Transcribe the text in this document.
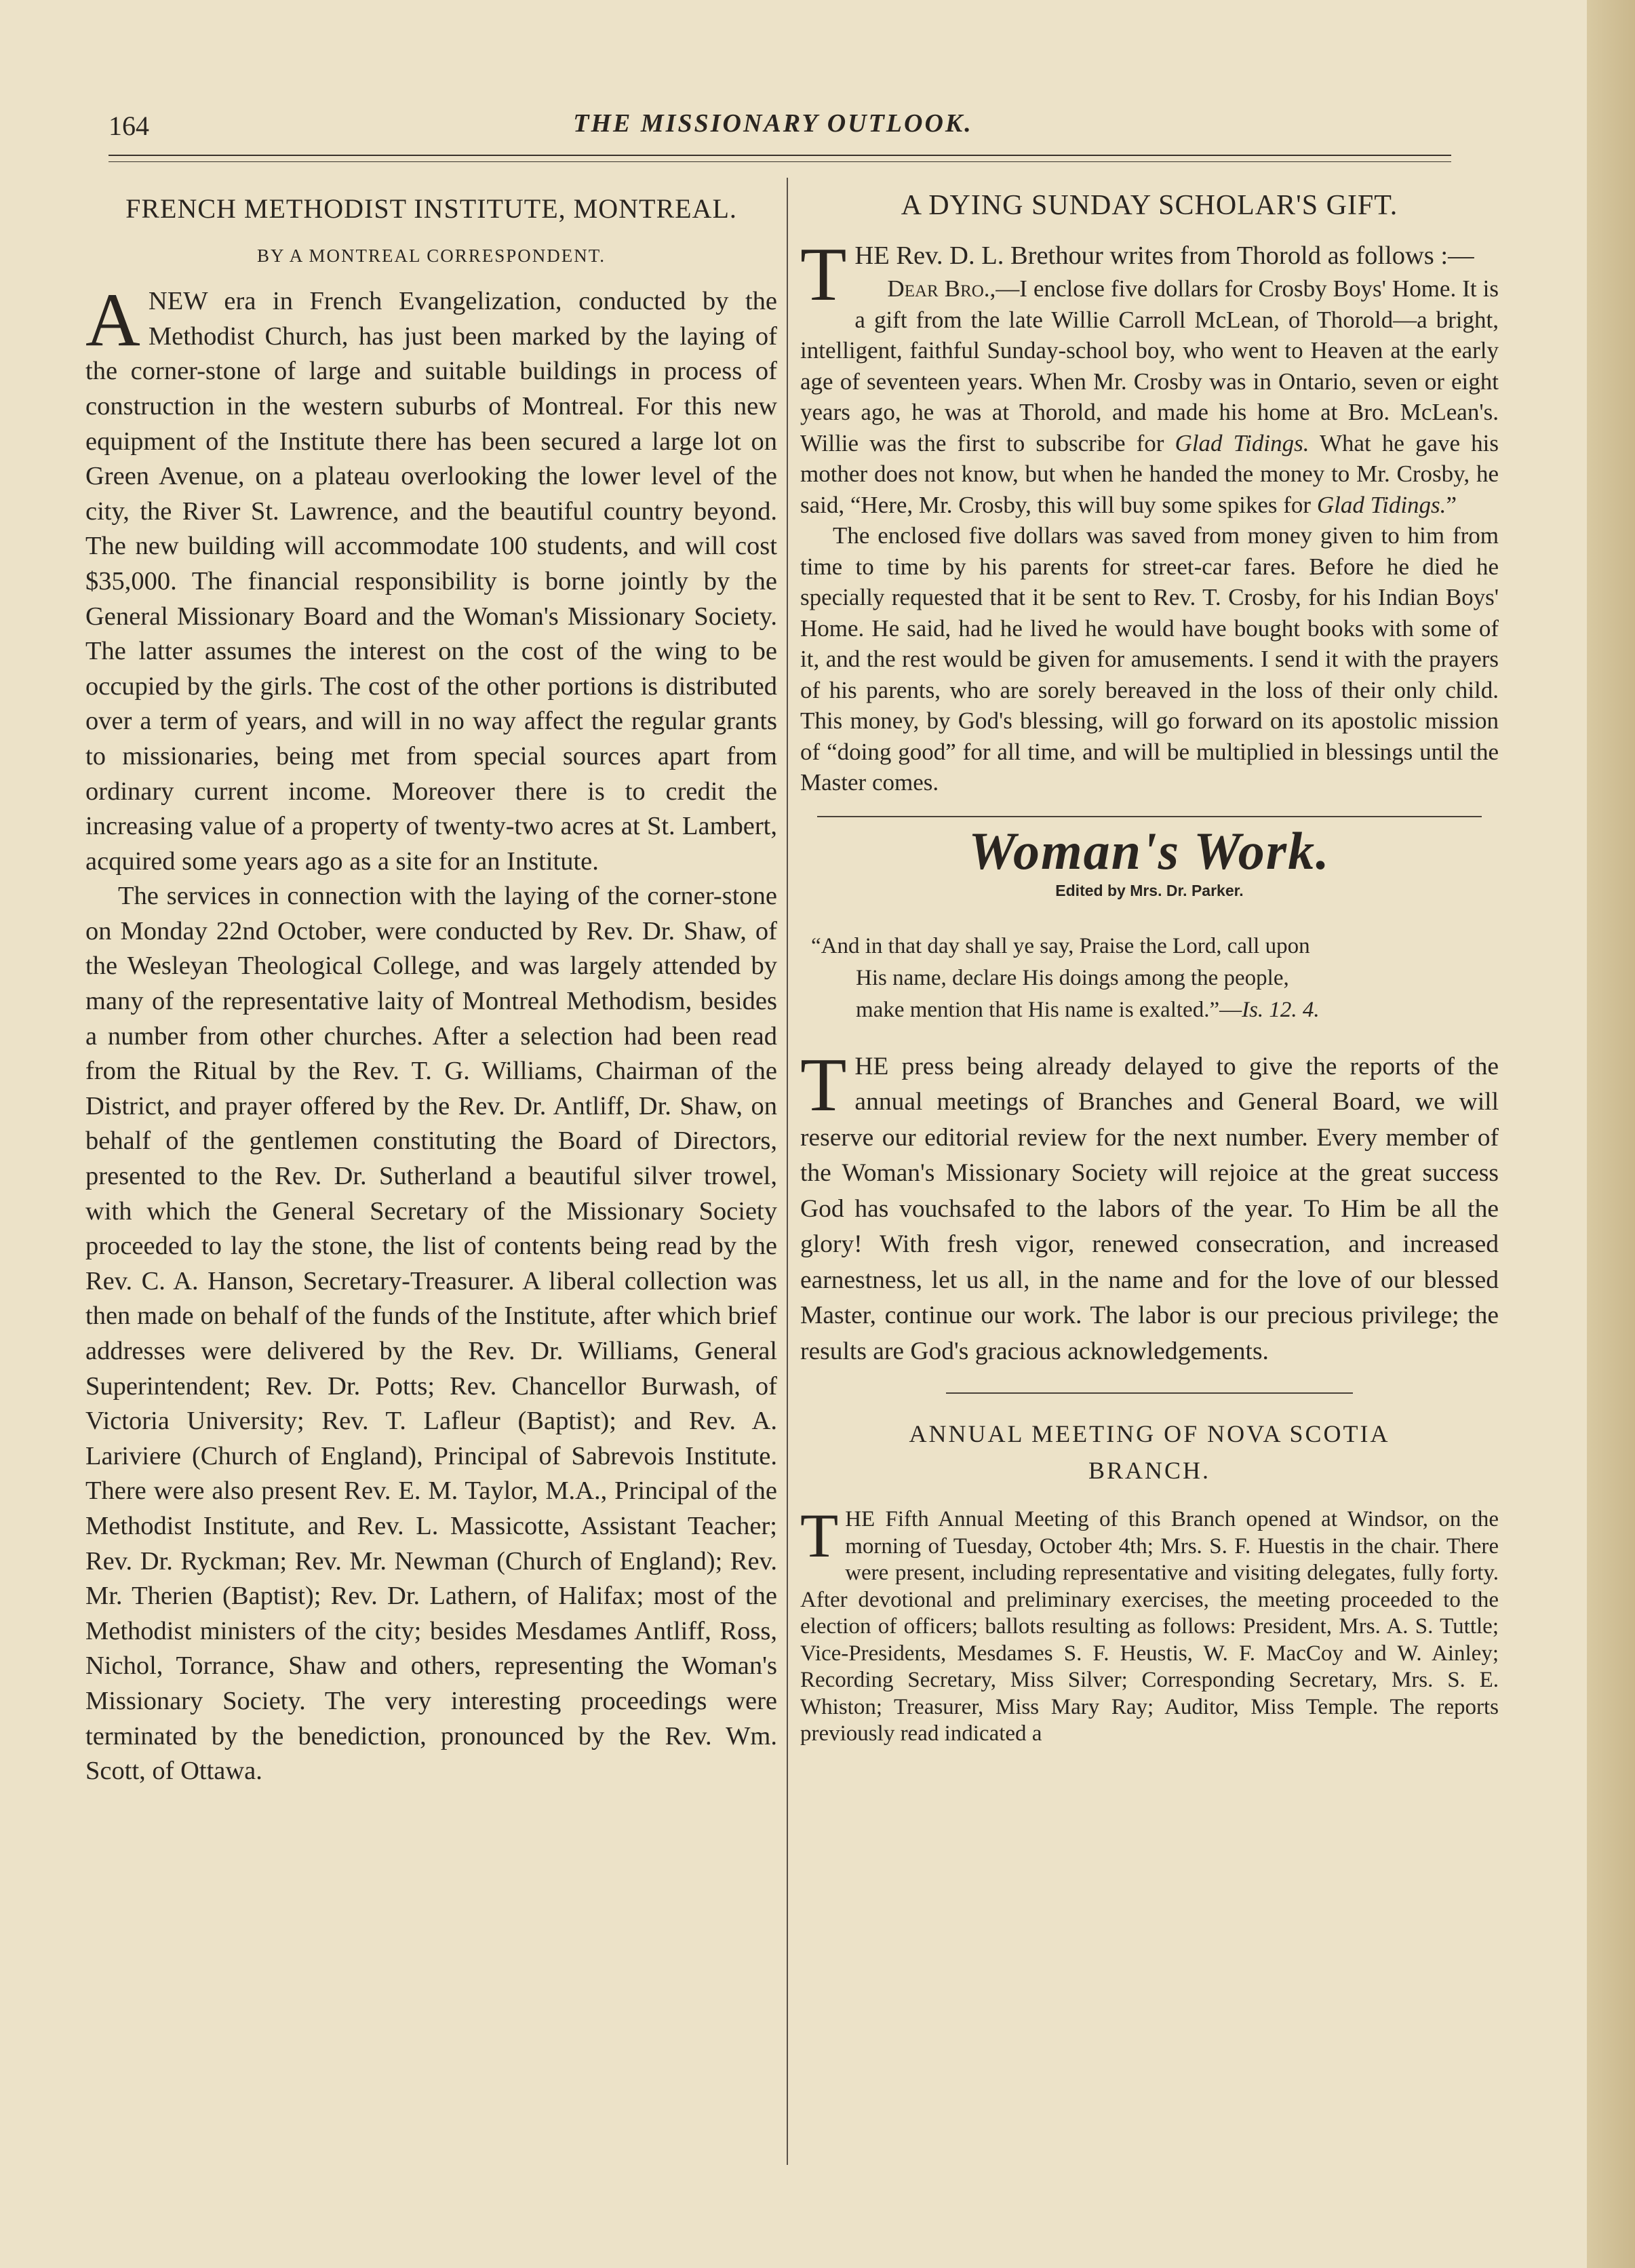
164	THE MISSIONARY OUTLOOK.
FRENCH METHODIST INSTITUTE, MONTREAL.
BY A MONTREAL CORRESPONDENT.

ANEW era in French Evangelization, conducted by the Methodist Church, has just been marked by the laying of the corner-stone of large and suitable buildings in process of construction in the western suburbs of Montreal. For this new equipment of the Institute there has been secured a large lot on Green Avenue, on a plateau overlooking the lower level of the city, the River St. Lawrence, and the beautiful country beyond. The new building will accommodate 100 students, and will cost $35,000. The financial responsibility is borne jointly by the General Missionary Board and the Woman's Missionary Society. The latter assumes the interest on the cost of the wing to be occupied by the girls. The cost of the other portions is distributed over a term of years, and will in no way affect the regular grants to missionaries, being met from special sources apart from ordinary current income. Moreover there is to credit the increasing value of a property of twenty-two acres at St. Lambert, acquired some years ago as a site for an Institute.

The services in connection with the laying of the corner-stone on Monday 22nd October, were conducted by Rev. Dr. Shaw, of the Wesleyan Theological College, and was largely attended by many of the representative laity of Montreal Methodism, besides a number from other churches. After a selection had been read from the Ritual by the Rev. T. G. Williams, Chairman of the District, and prayer offered by the Rev. Dr. Antliff, Dr. Shaw, on behalf of the gentlemen constituting the Board of Directors, presented to the Rev. Dr. Sutherland a beautiful silver trowel, with which the General Secretary of the Missionary Society proceeded to lay the stone, the list of contents being read by the Rev. C. A. Hanson, Secretary-Treasurer. A liberal collection was then made on behalf of the funds of the Institute, after which brief addresses were delivered by the Rev. Dr. Williams, General Superintendent; Rev. Dr. Potts; Rev. Chancellor Burwash, of Victoria University; Rev. T. Lafleur (Baptist); and Rev. A. Lariviere (Church of England), Principal of Sabrevois Institute. There were also present Rev. E. M. Taylor, M.A., Principal of the Methodist Institute, and Rev. L. Massicotte, Assistant Teacher; Rev. Dr. Ryckman; Rev. Mr. Newman (Church of England); Rev. Mr. Therien (Baptist); Rev. Dr. Lathern, of Halifax; most of the Methodist ministers of the city; besides Mesdames Antliff, Ross, Nichol, Torrance, Shaw and others, representing the Woman's Missionary Society. The very interesting proceedings were terminated by the benediction, pronounced by the Rev. Wm. Scott, of Ottawa.

A DYING SUNDAY SCHOLAR'S GIFT.

THE Rev. D. L. Brethour writes from Thorold as follows :—

Dear Bro.,—I enclose five dollars for Crosby Boys' Home. It is a gift from the late Willie Carroll McLean, of Thorold—a bright, intelligent, faithful Sunday-school boy, who went to Heaven at the early age of seventeen years. When Mr. Crosby was in Ontario, seven or eight years ago, he was at Thorold, and made his home at Bro. McLean's. Willie was the first to subscribe for Glad Tidings. What he gave his mother does not know, but when he handed the money to Mr. Crosby, he said, “Here, Mr. Crosby, this will buy some spikes for Glad Tidings.”

The enclosed five dollars was saved from money given to him from time to time by his parents for street-car fares. Before he died he specially requested that it be sent to Rev. T. Crosby, for his Indian Boys' Home. He said, had he lived he would have bought books with some of it, and the rest would be given for amusements. I send it with the prayers of his parents, who are sorely bereaved in the loss of their only child. This money, by God's blessing, will go forward on its apostolic mission of “doing good” for all time, and will be multiplied in blessings until the Master comes.

Woman's Work.
Edited by Mrs. Dr. Parker.
“And in that day shall ye say, Praise the Lord, call upon
His name, declare His doings among the people,
make mention that His name is exalted.”—Is. 12. 4.

THE press being already delayed to give the reports of the annual meetings of Branches and General Board, we will reserve our editorial review for the next number. Every member of the Woman's Missionary Society will rejoice at the great success God has vouchsafed to the labors of the year. To Him be all the glory! With fresh vigor, renewed consecration, and increased earnestness, let us all, in the name and for the love of our blessed Master, continue our work. The labor is our precious privilege; the results are God's gracious acknowledgements.

ANNUAL MEETING OF NOVA SCOTIA
BRANCH.

THE Fifth Annual Meeting of this Branch opened at Windsor, on the morning of Tuesday, October 4th; Mrs. S. F. Huestis in the chair. There were present, including representative and visiting delegates, fully forty. After devotional and preliminary exercises, the meeting proceeded to the election of officers; ballots resulting as follows: President, Mrs. A. S. Tuttle; Vice-Presidents, Mesdames S. F. Heustis, W. F. MacCoy and W. Ainley; Recording Secretary, Miss Silver; Corresponding Secretary, Mrs. S. E. Whiston; Treasurer, Miss Mary Ray; Auditor, Miss Temple. The reports previously read indicated a
